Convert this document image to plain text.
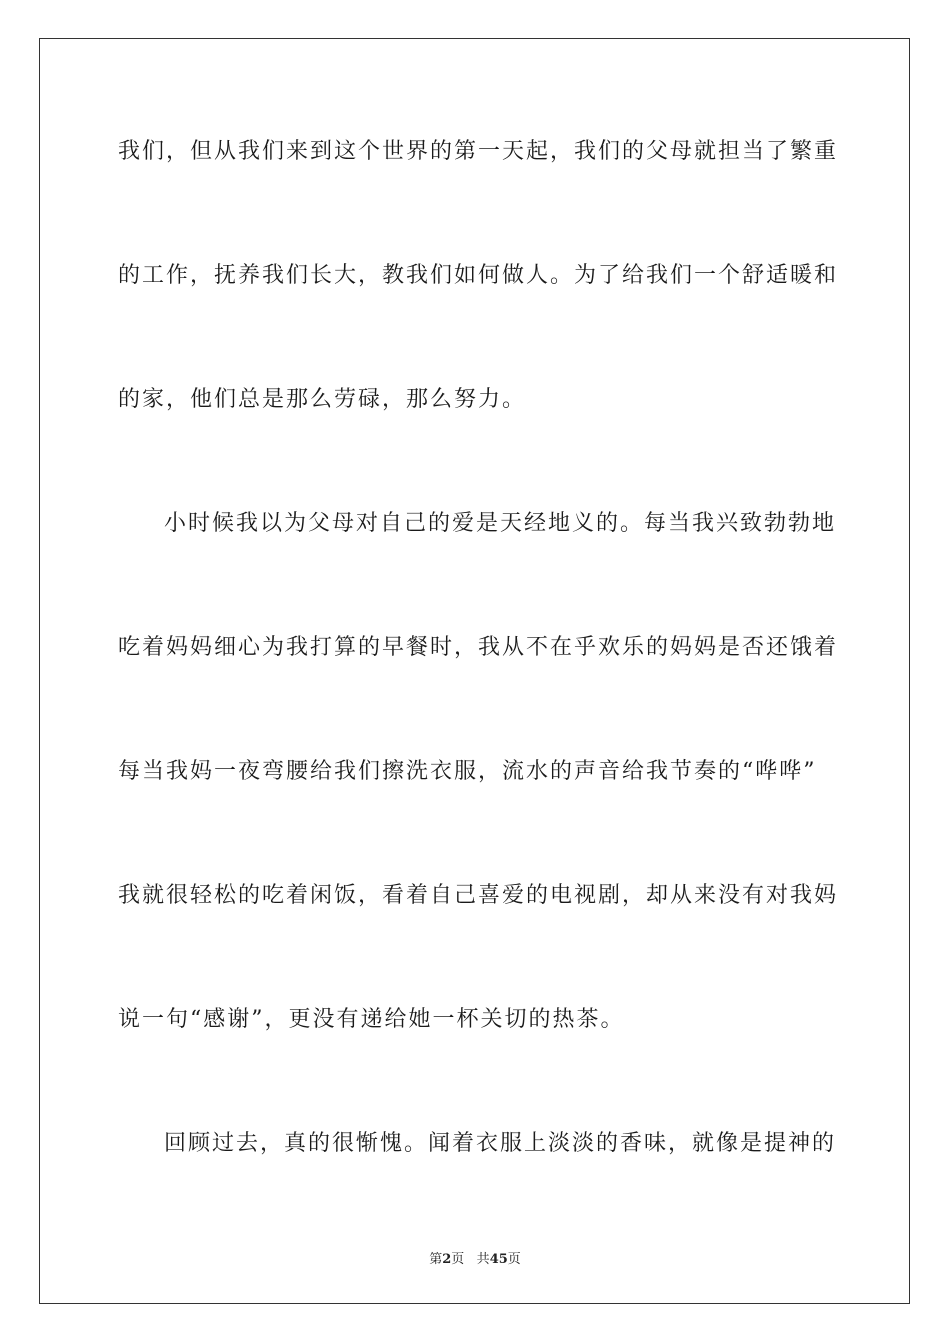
我们，但从我们来到这个世界的第一天起，我们的父母就担当了繁重
的工作，抚养我们长大，教我们如何做人。为了给我们一个舒适暖和
的家，他们总是那么劳碌，那么努力。
小时候我以为父母对自己的爱是天经地义的。每当我兴致勃勃地
吃着妈妈细心为我打算的早餐时，我从不在乎欢乐的妈妈是否还饿着
每当我妈一夜弯腰给我们擦洗衣服，流水的声音给我节奏的“哗哗”
我就很轻松的吃着闲饭，看着自己喜爱的电视剧，却从来没有对我妈
说一句“感谢”，更没有递给她一杯关切的热茶。
回顾过去，真的很惭愧。闻着衣服上淡淡的香味，就像是提神的
第2页 共45页
